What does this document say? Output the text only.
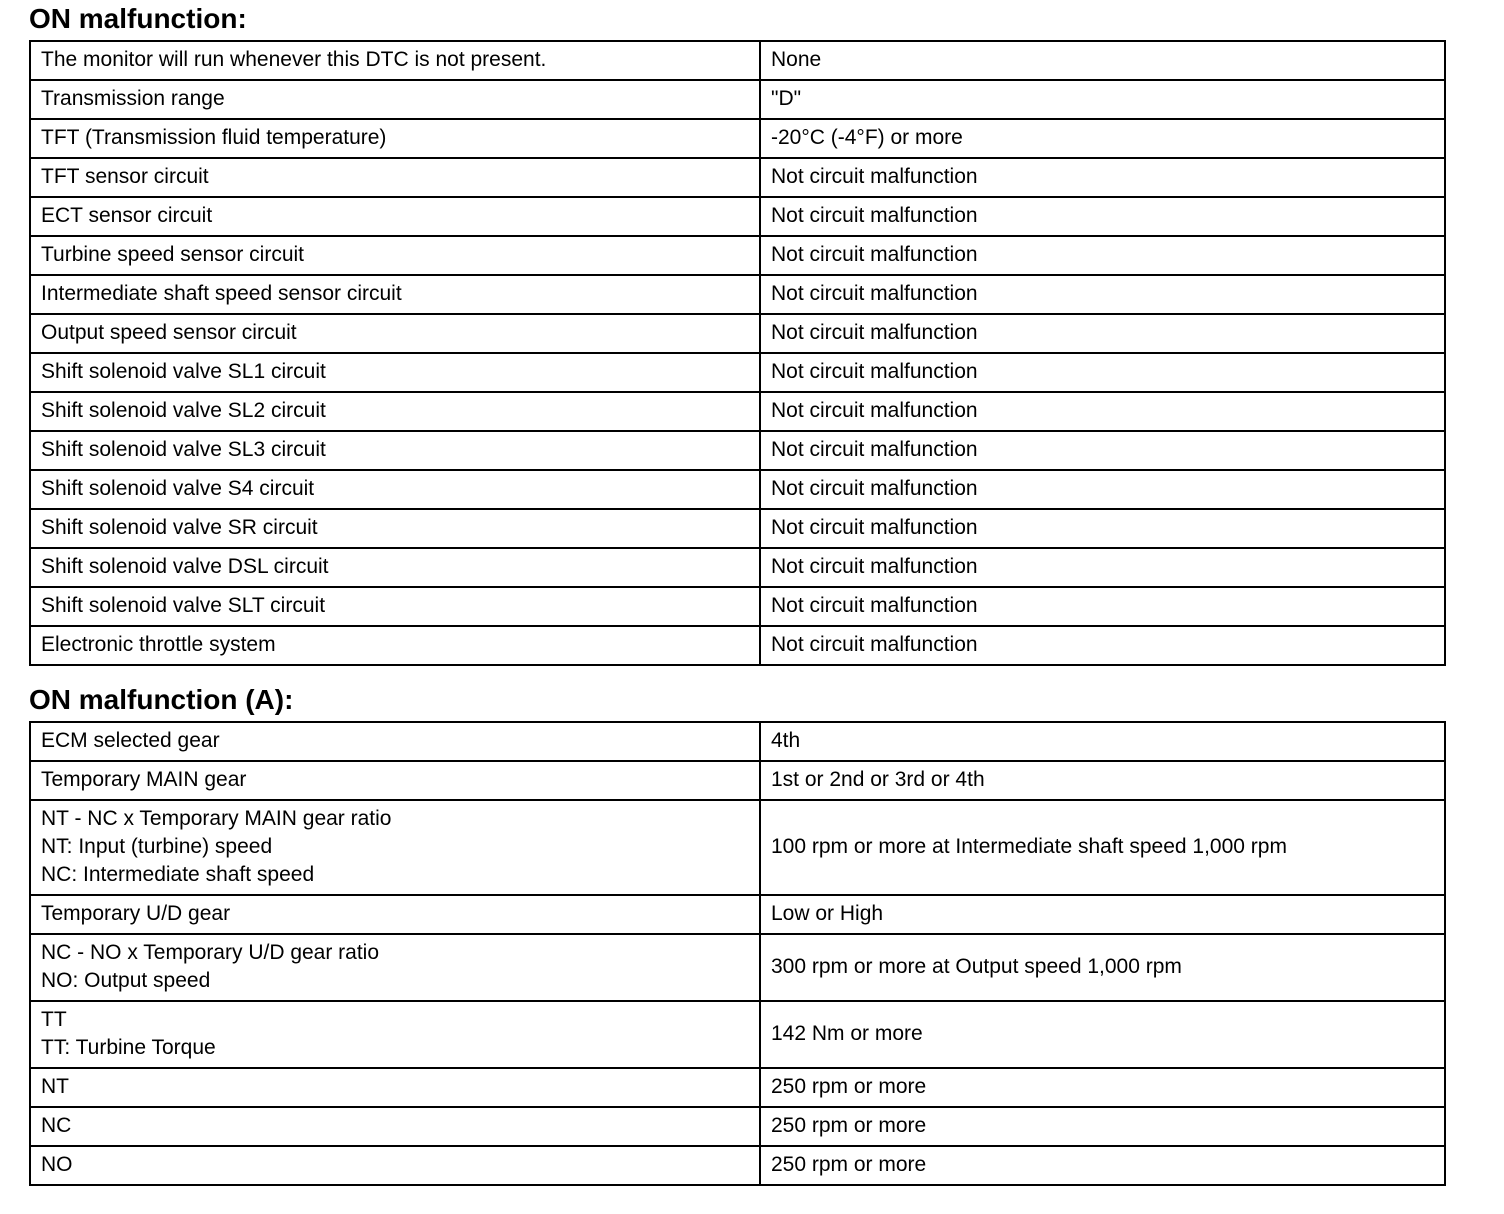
ON malfunction:
The monitor will run whenever this DTC is not present.	None
Transmission range	"D"
TFT (Transmission fluid temperature)	-20°C (-4°F) or more
TFT sensor circuit	Not circuit malfunction
ECT sensor circuit	Not circuit malfunction
Turbine speed sensor circuit	Not circuit malfunction
Intermediate shaft speed sensor circuit	Not circuit malfunction
Output speed sensor circuit	Not circuit malfunction
Shift solenoid valve SL1 circuit	Not circuit malfunction
Shift solenoid valve SL2 circuit	Not circuit malfunction
Shift solenoid valve SL3 circuit	Not circuit malfunction
Shift solenoid valve S4 circuit	Not circuit malfunction
Shift solenoid valve SR circuit	Not circuit malfunction
Shift solenoid valve DSL circuit	Not circuit malfunction
Shift solenoid valve SLT circuit	Not circuit malfunction
Electronic throttle system	Not circuit malfunction
ON malfunction (A):
ECM selected gear	4th
Temporary MAIN gear	1st or 2nd or 3rd or 4th
NT - NC x Temporary MAIN gear ratio
NT: Input (turbine) speed
NC: Intermediate shaft speed	100 rpm or more at Intermediate shaft speed 1,000 rpm
Temporary U/D gear	Low or High
NC - NO x Temporary U/D gear ratio
NO: Output speed	300 rpm or more at Output speed 1,000 rpm
TT
TT: Turbine Torque	142 Nm or more
NT	250 rpm or more
NC	250 rpm or more
NO	250 rpm or more
